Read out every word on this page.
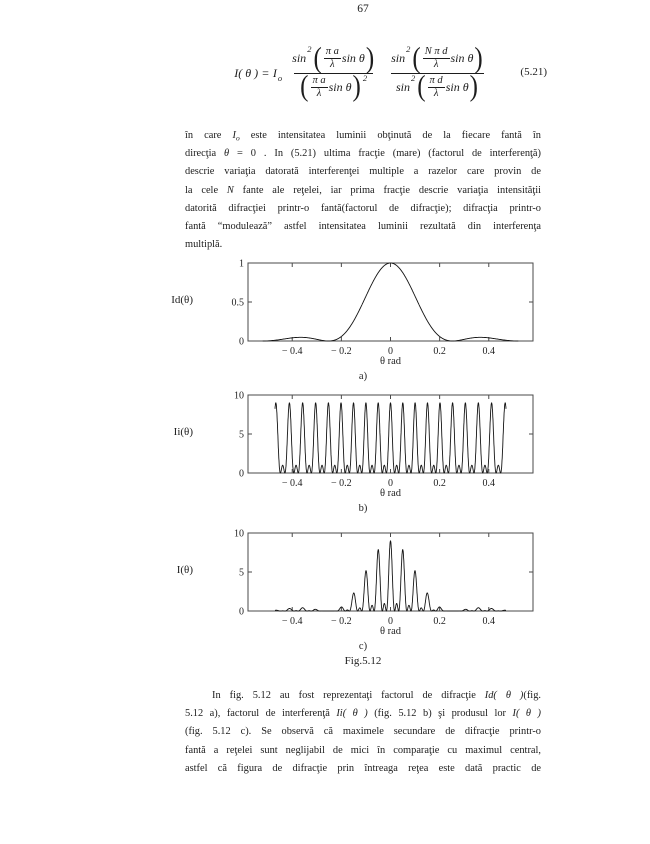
67
I( θ ) = I o sin
2 ( π a
λ sin θ )
( π a
λ sin θ ) 2 sin
2 ( N π d
λ sin θ )
sin
2 ( π d
λ sin θ )	(5.21)
în care $I_o$ este intensitatea luminii obţinută de la fiecare fantă în
direcţia θ = 0 . In (5.21) ultima fracţie (mare) (factorul de interferenţă)
descrie variaţia datorată interferenţei multiple a razelor care provin de
la cele N fante ale reţelei, iar prima fracţie descrie variaţia intensităţii
datorită difracţiei printr-o fantă(factorul de difracţie); difracţia printr-o
fantă “modulează” astfel intensitatea luminii rezultată din interferenţa
multiplă.
Id(θ)
− 0.4	− 0.2	0	0.2	0.4
0
0.5
1
θ rad
a)
Ii(θ)
− 0.4	− 0.2	0	0.2	0.4
0
5
10
θ rad
b)
I(θ)
− 0.4	− 0.2	0	0.2	0.4
0
5
10
θ rad
c)
Fig.5.12
In fig. 5.12 au fost reprezentaţi factorul de difracţie Id( θ )(fig.
5.12 a), factorul de interferenţă Ii( θ ) (fig. 5.12 b) şi produsul lor I( θ )
(fig. 5.12 c). Se observă că maximele secundare de difracţie printr-o
fantă a reţelei sunt neglijabil de mici în comparaţie cu maximul central,
astfel că figura de difracţie prin întreaga reţea este dată practic de
